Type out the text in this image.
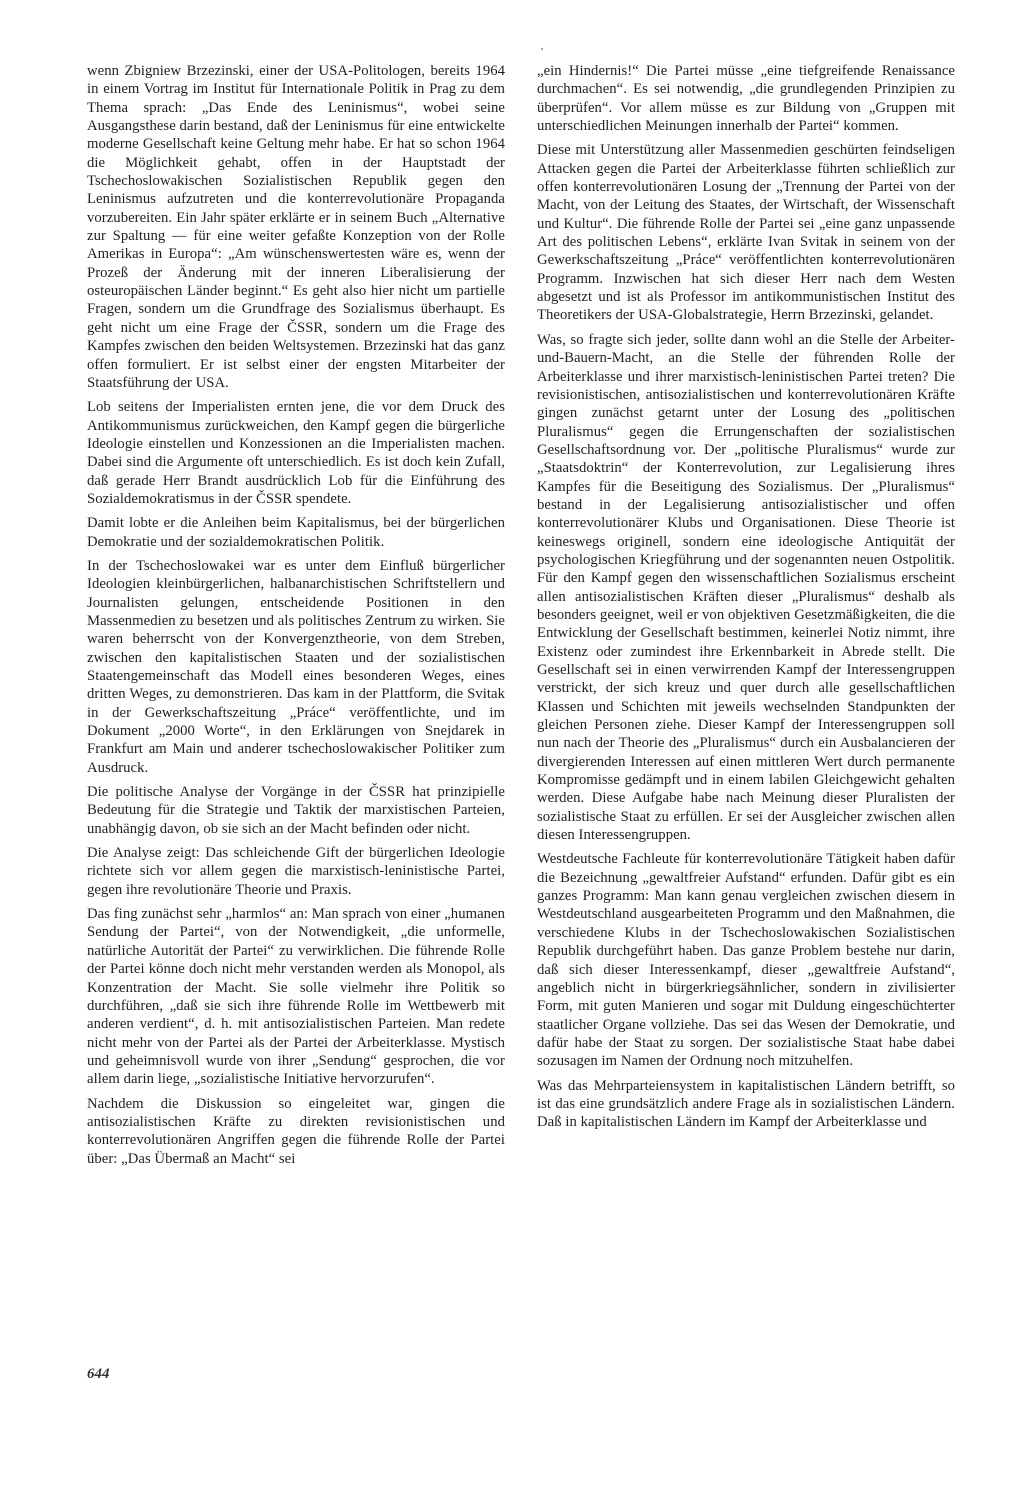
wenn Zbigniew Brzezinski, einer der USA-Politologen, bereits 1964 in einem Vortrag im Institut für Internationale Politik in Prag zu dem Thema sprach: „Das Ende des Leninismus“, wobei seine Ausgangsthese darin bestand, daß der Leninismus für eine entwickelte moderne Gesellschaft keine Geltung mehr habe. Er hat so schon 1964 die Möglichkeit gehabt, offen in der Hauptstadt der Tschechoslowakischen Sozialistischen Republik gegen den Leninismus aufzutreten und die konterrevolutionäre Propaganda vorzubereiten. Ein Jahr später erklärte er in seinem Buch „Alternative zur Spaltung — für eine weiter gefaßte Konzeption von der Rolle Amerikas in Europa“: „Am wünschenswertesten wäre es, wenn der Prozeß der Änderung mit der inneren Liberalisierung der osteuropäischen Länder beginnt.“ Es geht also hier nicht um partielle Fragen, sondern um die Grundfrage des Sozialismus überhaupt. Es geht nicht um eine Frage der ČSSR, sondern um die Frage des Kampfes zwischen den beiden Weltsystemen. Brzezinski hat das ganz offen formuliert. Er ist selbst einer der engsten Mitarbeiter der Staatsführung der USA.

Lob seitens der Imperialisten ernten jene, die vor dem Druck des Antikommunismus zurückweichen, den Kampf gegen die bürgerliche Ideologie einstellen und Konzessionen an die Imperialisten machen. Dabei sind die Argumente oft unterschiedlich. Es ist doch kein Zufall, daß gerade Herr Brandt ausdrücklich Lob für die Einführung des Sozialdemokratismus in der ČSSR spendete.

Damit lobte er die Anleihen beim Kapitalismus, bei der bürgerlichen Demokratie und der sozialdemokratischen Politik.

In der Tschechoslowakei war es unter dem Einfluß bürgerlicher Ideologien kleinbürgerlichen, halbanarchistischen Schriftstellern und Journalisten gelungen, entscheidende Positionen in den Massenmedien zu besetzen und als politisches Zentrum zu wirken. Sie waren beherrscht von der Konvergenztheorie, von dem Streben, zwischen den kapitalistischen Staaten und der sozialistischen Staatengemeinschaft das Modell eines besonderen Weges, eines dritten Weges, zu demonstrieren. Das kam in der Plattform, die Svitak in der Gewerkschaftszeitung „Práce“ veröffentlichte, und im Dokument „2000 Worte“, in den Erklärungen von Snejdarek in Frankfurt am Main und anderer tschechoslowakischer Politiker zum Ausdruck.

Die politische Analyse der Vorgänge in der ČSSR hat prinzipielle Bedeutung für die Strategie und Taktik der marxistischen Parteien, unabhängig davon, ob sie sich an der Macht befinden oder nicht.

Die Analyse zeigt: Das schleichende Gift der bürgerlichen Ideologie richtete sich vor allem gegen die marxistisch-leninistische Partei, gegen ihre revolutionäre Theorie und Praxis.

Das fing zunächst sehr „harmlos“ an: Man sprach von einer „humanen Sendung der Partei“, von der Notwendigkeit, „die unformelle, natürliche Autorität der Partei“ zu verwirklichen. Die führende Rolle der Partei könne doch nicht mehr verstanden werden als Monopol, als Konzentration der Macht. Sie solle vielmehr ihre Politik so durchführen, „daß sie sich ihre führende Rolle im Wettbewerb mit anderen verdient“, d. h. mit antisozialistischen Parteien. Man redete nicht mehr von der Partei als der Partei der Arbeiterklasse. Mystisch und geheimnisvoll wurde von ihrer „Sendung“ gesprochen, die vor allem darin liege, „sozialistische Initiative hervorzurufen“.

Nachdem die Diskussion so eingeleitet war, gingen die antisozialistischen Kräfte zu direkten revisionistischen und konterrevolutionären Angriffen gegen die führende Rolle der Partei über: „Das Übermaß an Macht“ sei

„ein Hindernis!“ Die Partei müsse „eine tiefgreifende Renaissance durchmachen“. Es sei notwendig, „die grundlegenden Prinzipien zu überprüfen“. Vor allem müsse es zur Bildung von „Gruppen mit unterschiedlichen Meinungen innerhalb der Partei“ kommen.

Diese mit Unterstützung aller Massenmedien geschürten feindseligen Attacken gegen die Partei der Arbeiterklasse führten schließlich zur offen konterrevolutionären Losung der „Trennung der Partei von der Macht, von der Leitung des Staates, der Wirtschaft, der Wissenschaft und Kultur“. Die führende Rolle der Partei sei „eine ganz unpassende Art des politischen Lebens“, erklärte Ivan Svitak in seinem von der Gewerkschaftszeitung „Práce“ veröffentlichten konterrevolutionären Programm. Inzwischen hat sich dieser Herr nach dem Westen abgesetzt und ist als Professor im antikommunistischen Institut des Theoretikers der USA-Globalstrategie, Herrn Brzezinski, gelandet.

Was, so fragte sich jeder, sollte dann wohl an die Stelle der Arbeiter-und-Bauern-Macht, an die Stelle der führenden Rolle der Arbeiterklasse und ihrer marxistisch-leninistischen Partei treten? Die revisionistischen, antisozialistischen und konterrevolutionären Kräfte gingen zunächst getarnt unter der Losung des „politischen Pluralismus“ gegen die Errungenschaften der sozialistischen Gesellschaftsordnung vor. Der „politische Pluralismus“ wurde zur „Staatsdoktrin“ der Konterrevolution, zur Legalisierung ihres Kampfes für die Beseitigung des Sozialismus. Der „Pluralismus“ bestand in der Legalisierung antisozialistischer und offen konterrevolutionärer Klubs und Organisationen. Diese Theorie ist keineswegs originell, sondern eine ideologische Antiquität der psychologischen Kriegführung und der sogenannten neuen Ostpolitik. Für den Kampf gegen den wissenschaftlichen Sozialismus erscheint allen antisozialistischen Kräften dieser „Pluralismus“ deshalb als besonders geeignet, weil er von objektiven Gesetzmäßigkeiten, die die Entwicklung der Gesellschaft bestimmen, keinerlei Notiz nimmt, ihre Existenz oder zumindest ihre Erkennbarkeit in Abrede stellt. Die Gesellschaft sei in einen verwirrenden Kampf der Interessengruppen verstrickt, der sich kreuz und quer durch alle gesellschaftlichen Klassen und Schichten mit jeweils wechselnden Standpunkten der gleichen Personen ziehe. Dieser Kampf der Interessengruppen soll nun nach der Theorie des „Pluralismus“ durch ein Ausbalancieren der divergierenden Interessen auf einen mittleren Wert durch permanente Kompromisse gedämpft und in einem labilen Gleichgewicht gehalten werden. Diese Aufgabe habe nach Meinung dieser Pluralisten der sozialistische Staat zu erfüllen. Er sei der Ausgleicher zwischen allen diesen Interessengruppen.

Westdeutsche Fachleute für konterrevolutionäre Tätigkeit haben dafür die Bezeichnung „gewaltfreier Aufstand“ erfunden. Dafür gibt es ein ganzes Programm: Man kann genau vergleichen zwischen diesem in Westdeutschland ausgearbeiteten Programm und den Maßnahmen, die verschiedene Klubs in der Tschechoslowakischen Sozialistischen Republik durchgeführt haben. Das ganze Problem bestehe nur darin, daß sich dieser Interessenkampf, dieser „gewaltfreie Aufstand“, angeblich nicht in bürgerkriegsähnlicher, sondern in zivilisierter Form, mit guten Manieren und sogar mit Duldung eingeschüchterter staatlicher Organe vollziehe. Das sei das Wesen der Demokratie, und dafür habe der Staat zu sorgen. Der sozialistische Staat habe dabei sozusagen im Namen der Ordnung noch mitzuhelfen.

Was das Mehrparteiensystem in kapitalistischen Ländern betrifft, so ist das eine grundsätzlich andere Frage als in sozialistischen Ländern. Daß in kapitalistischen Ländern im Kampf der Arbeiterklasse und

644
